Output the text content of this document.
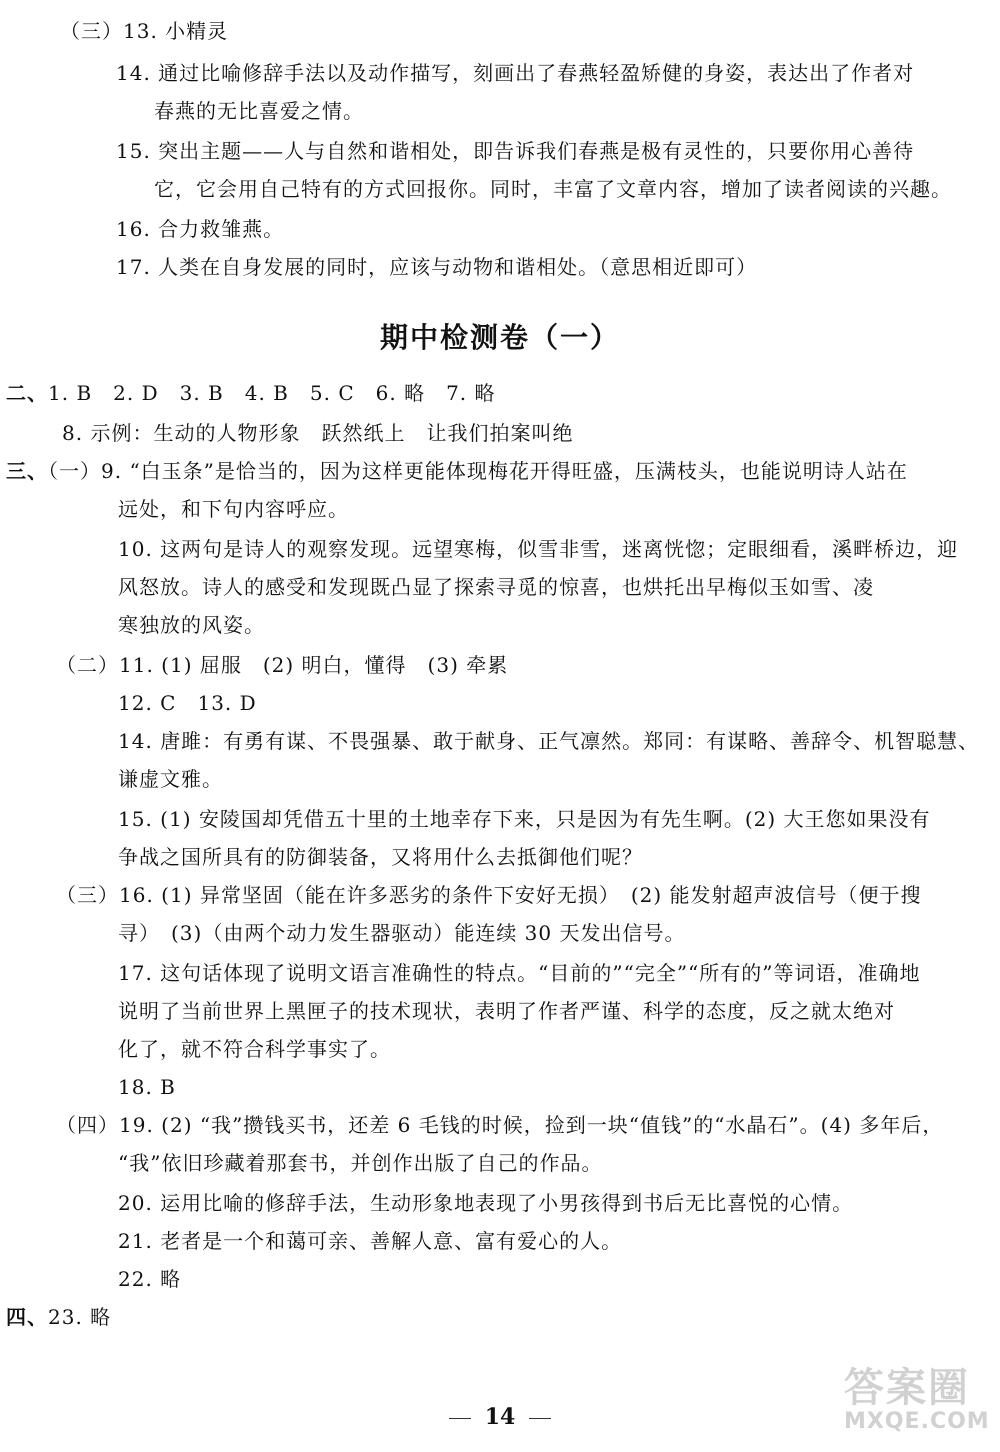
（三）13. 小精灵
14. 通过比喻修辞手法以及动作描写，刻画出了春燕轻盈矫健的身姿，表达出了作者对
春燕的无比喜爱之情。
15. 突出主题——人与自然和谐相处，即告诉我们春燕是极有灵性的，只要你用心善待
它，它会用自己特有的方式回报你。同时，丰富了文章内容，增加了读者阅读的兴趣。
16. 合力救雏燕。
17. 人类在自身发展的同时，应该与动物和谐相处。（意思相近即可）
期中检测卷（一）
二、1. B　2. D　3. B　4. B　5. C　6. 略　7. 略
8. 示例：生动的人物形象　跃然纸上　让我们拍案叫绝
三、（一）9. “白玉条”是恰当的，因为这样更能体现梅花开得旺盛，压满枝头，也能说明诗人站在
远处，和下句内容呼应。
10. 这两句是诗人的观察发现。远望寒梅，似雪非雪，迷离恍惚；定眼细看，溪畔桥边，迎
风怒放。诗人的感受和发现既凸显了探索寻觅的惊喜，也烘托出早梅似玉如雪、凌
寒独放的风姿。
（二）11. (1) 屈服　(2) 明白，懂得　(3) 牵累
12. C　13. D
14. 唐雎：有勇有谋、不畏强暴、敢于献身、正气凛然。郑同：有谋略、善辞令、机智聪慧、
谦虚文雅。
15. (1) 安陵国却凭借五十里的土地幸存下来，只是因为有先生啊。(2) 大王您如果没有
争战之国所具有的防御装备，又将用什么去抵御他们呢？
（三）16. (1) 异常坚固（能在许多恶劣的条件下安好无损）　(2) 能发射超声波信号（便于搜
寻）　(3)（由两个动力发生器驱动）能连续 30 天发出信号。
17. 这句话体现了说明文语言准确性的特点。“目前的”“完全”“所有的”等词语，准确地
说明了当前世界上黑匣子的技术现状，表明了作者严谨、科学的态度，反之就太绝对
化了，就不符合科学事实了。
18. B
（四）19. (2) “我”攒钱买书，还差 6 毛钱的时候，捡到一块“值钱”的“水晶石”。(4) 多年后，
“我”依旧珍藏着那套书，并创作出版了自己的作品。
20. 运用比喻的修辞手法，生动形象地表现了小男孩得到书后无比喜悦的心情。
21. 老者是一个和蔼可亲、善解人意、富有爱心的人。
22. 略
四、23. 略
14
答案圈
MXQE.COM
